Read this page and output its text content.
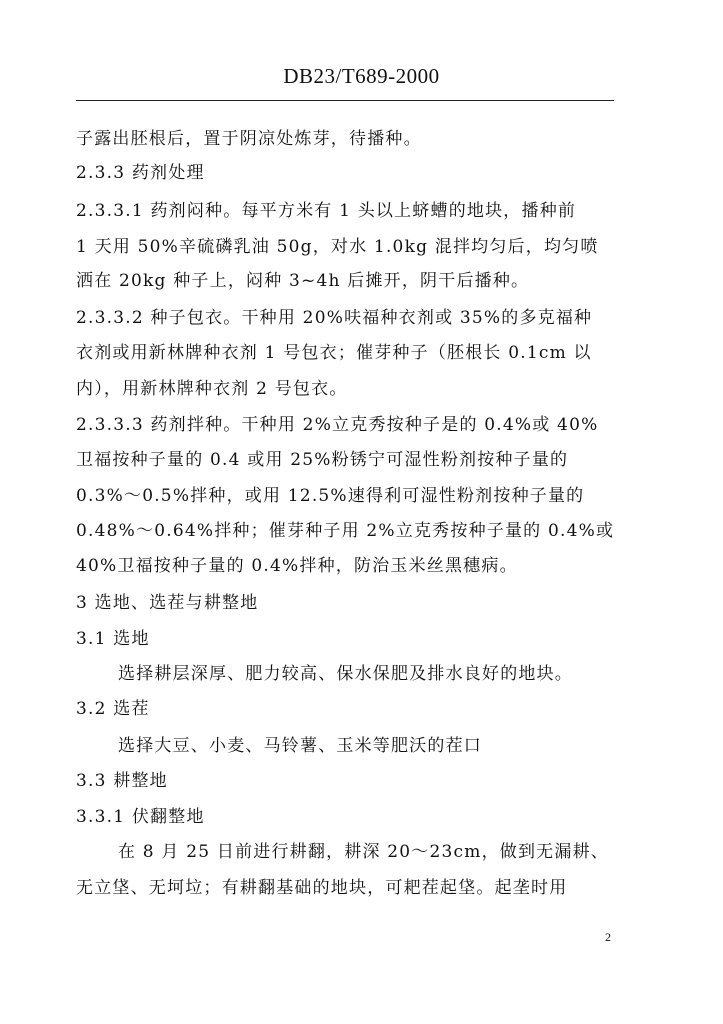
DB23/T689-2000
子露出胚根后，置于阴凉处炼芽，待播种。
2.3.3 药剂处理
2.3.3.1 药剂闷种。每平方米有 1 头以上蛴螬的地块，播种前
1 天用 50%辛硫磷乳油 50g，对水 1.0kg 混拌均匀后，均匀喷
洒在 20kg 种子上，闷种 3~4h 后摊开，阴干后播种。
2.3.3.2 种子包衣。干种用 20%呋福种衣剂或 35%的多克福种
衣剂或用新林牌种衣剂 1 号包衣；催芽种子（胚根长 0.1cm 以
内），用新林牌种衣剂 2 号包衣。
2.3.3.3 药剂拌种。干种用 2%立克秀按种子是的 0.4%或 40%
卫福按种子量的 0.4 或用 25%粉锈宁可湿性粉剂按种子量的
0.3%～0.5%拌种，或用 12.5%速得利可湿性粉剂按种子量的
0.48%～0.64%拌种；催芽种子用 2%立克秀按种子量的 0.4%或
40%卫福按种子量的 0.4%拌种，防治玉米丝黑穗病。
3 选地、选茬与耕整地
3.1 选地
选择耕层深厚、肥力较高、保水保肥及排水良好的地块。
3.2 选茬
选择大豆、小麦、马铃薯、玉米等肥沃的茬口
3.3 耕整地
3.3.1 伏翻整地
在 8 月 25 日前进行耕翻，耕深 20～23cm，做到无漏耕、
无立垡、无坷垃；有耕翻基础的地块，可耙茬起垡。起垄时用
2
